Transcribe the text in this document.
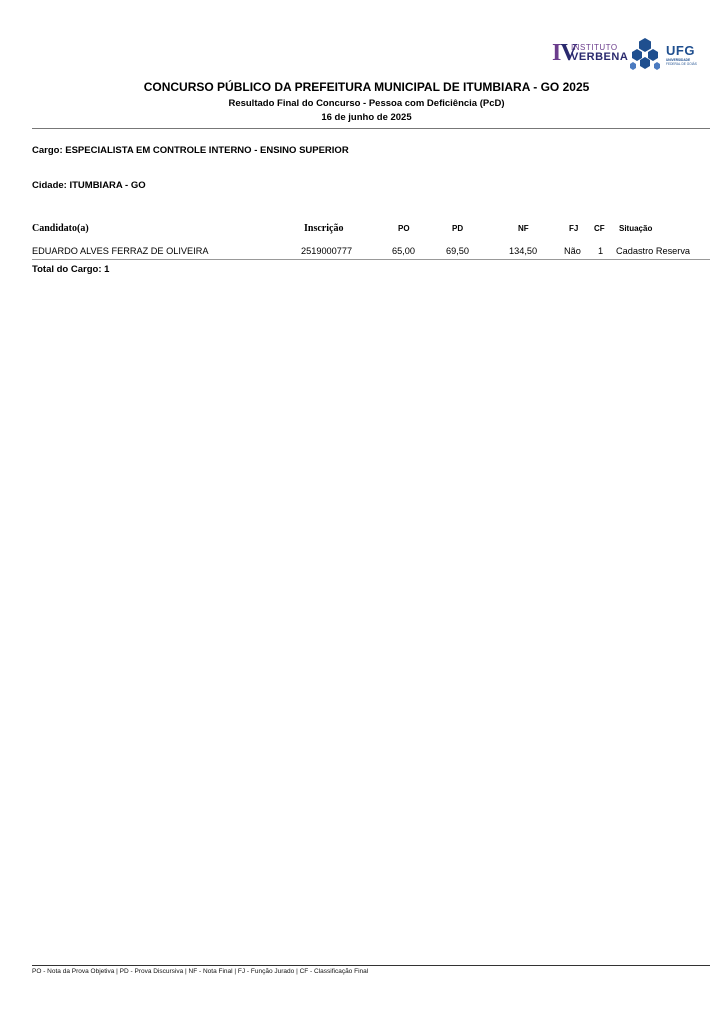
IV
INSTITUTO
VERBENA	UFG
UNIVERSIDADE
FEDERAL DE GOIÁS
CONCURSO PÚBLICO DA PREFEITURA MUNICIPAL DE ITUMBIARA - GO 2025
Resultado Final do Concurso - Pessoa com Deficiência (PcD)
16 de junho de 2025
Cargo: ESPECIALISTA EM CONTROLE INTERNO - ENSINO SUPERIOR
Cidade: ITUMBIARA - GO
Candidato(a)	Inscrição	PO	PD	NF	FJ CF Situação
EDUARDO ALVES FERRAZ DE OLIVEIRA	2519000777	65,00	69,50	134,50	Não 1 Cadastro Reserva
Total do Cargo: 1
PO - Nota da Prova Objetiva | PD - Prova Discursiva | NF - Nota Final | FJ - Função Jurado | CF - Classificação Final
